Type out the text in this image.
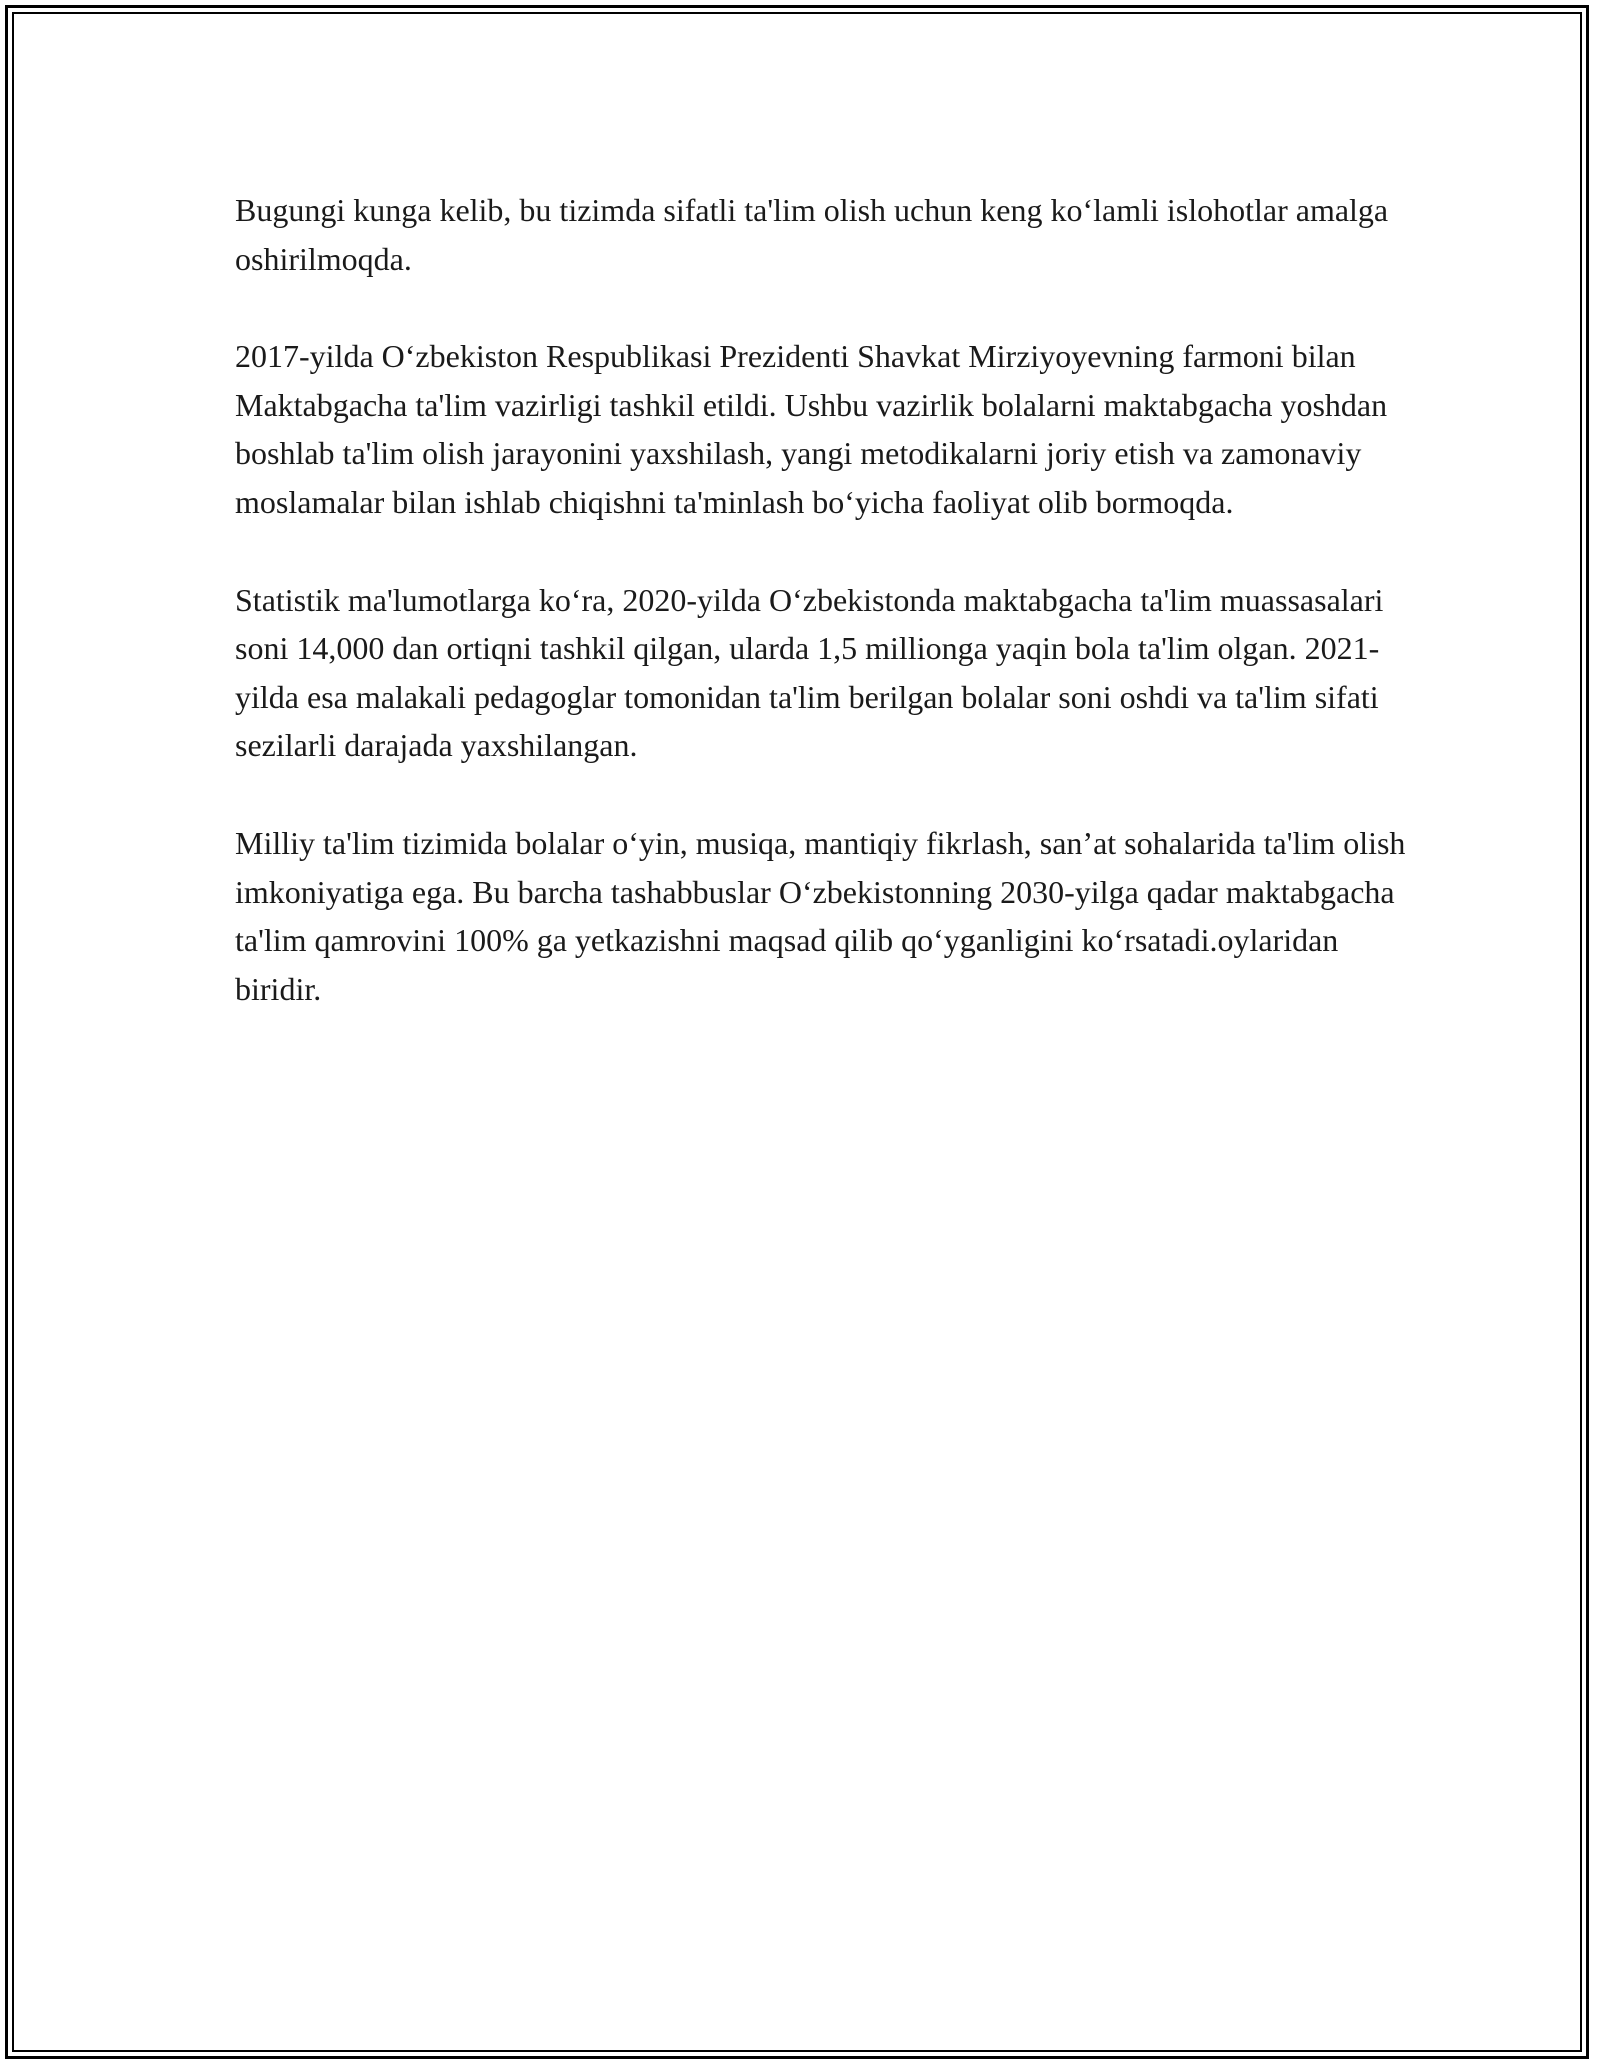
Bugungi kunga kelib, bu tizimda sifatli ta'lim olish uchun keng koʻlamli islohotlar amalga oshirilmoqda.

2017-yilda Oʻzbekiston Respublikasi Prezidenti Shavkat Mirziyoyevning farmoni bilan Maktabgacha ta'lim vazirligi tashkil etildi. Ushbu vazirlik bolalarni maktabgacha yoshdan boshlab ta'lim olish jarayonini yaxshilash, yangi metodikalarni joriy etish va zamonaviy moslamalar bilan ishlab chiqishni ta'minlash boʻyicha faoliyat olib bormoqda.

Statistik ma'lumotlarga koʻra, 2020-yilda Oʻzbekistonda maktabgacha ta'lim muassasalari soni 14,000 dan ortiqni tashkil qilgan, ularda 1,5 millionga yaqin bola ta'lim olgan. 2021-yilda esa malakali pedagoglar tomonidan ta'lim berilgan bolalar soni oshdi va ta'lim sifati sezilarli darajada yaxshilangan.

Milliy ta'lim tizimida bolalar oʻyin, musiqa, mantiqiy fikrlash, san’at sohalarida ta'lim olish imkoniyatiga ega. Bu barcha tashabbuslar Oʻzbekistonning 2030-yilga qadar maktabgacha ta'lim qamrovini 100% ga yetkazishni maqsad qilib qoʻyganligini koʻrsatadi.oylaridan biridir.
